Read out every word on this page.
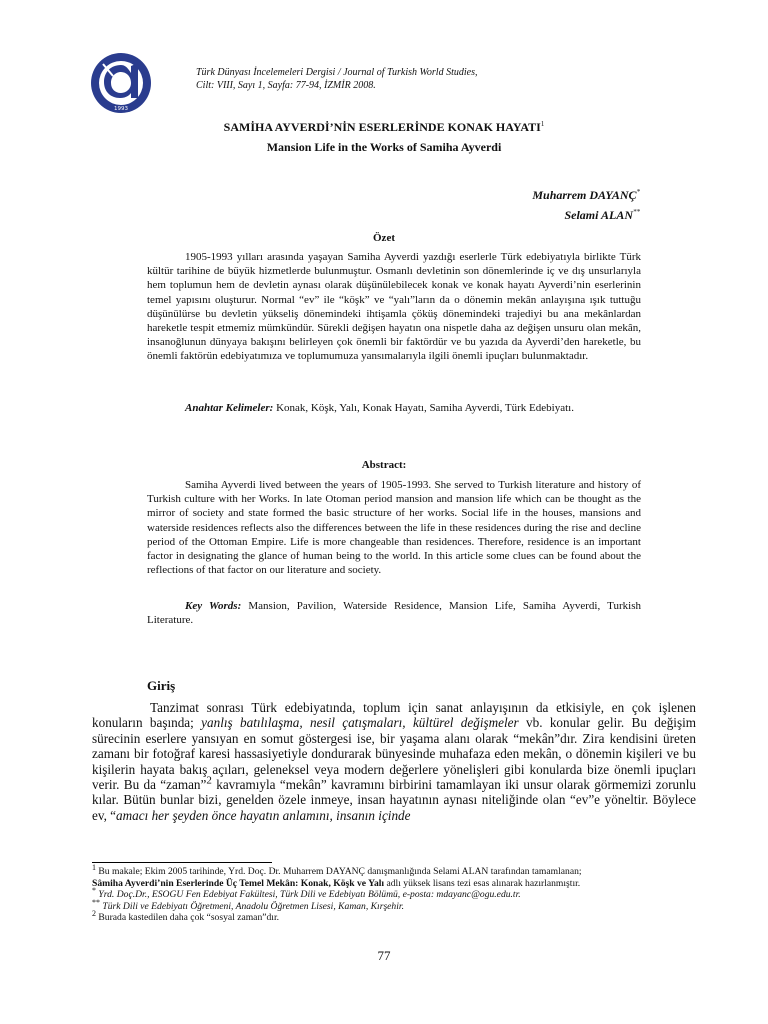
1993
Türk Dünyası İncelemeleri Dergisi / Journal of Turkish World Studies,
Cilt: VIII, Sayı 1, Sayfa: 77-94, İZMİR 2008.
SAMİHA AYVERDİ’NİN ESERLERİNDE KONAK HAYATI$^1$
Mansion Life in the Works of Samiha Ayverdi
Muharrem DAYANÇ*
Selami ALAN**
Özet

1905-1993 yılları arasında yaşayan Samiha Ayverdi yazdığı eserlerle Türk edebiyatıyla birlikte Türk kültür tarihine de büyük hizmetlerde bulunmuştur. Osmanlı devletinin son dönemlerinde iç ve dış unsurlarıyla hem toplumun hem de devletin aynası olarak düşünülebilecek konak ve konak hayatı Ayverdi’nin eserlerinin temel yapısını oluşturur. Normal “ev” ile “köşk” ve “yalı”ların da o dönemin mekân anlayışına ışık tuttuğu düşünülürse bu devletin yükseliş dönemindeki ihtişamla çöküş dönemindeki trajediyi bu ana mekânlardan hareketle tespit etmemiz mümkündür. Sürekli değişen hayatın ona nispetle daha az değişen unsuru olan mekân, insanoğlunun dünyaya bakışını belirleyen çok önemli bir faktördür ve bu yazıda da Ayverdi’den hareketle, bu önemli faktörün edebiyatımıza ve toplumumuza yansımalarıyla ilgili önemli ipuçları bulunmaktadır.

Anahtar Kelimeler: Konak, Köşk, Yalı, Konak Hayatı, Samiha Ayverdi, Türk Edebiyatı.

Abstract:

Samiha Ayverdi lived between the years of 1905-1993. She served to Turkish literature and history of Turkish culture with her Works. In late Otoman period mansion and mansion life which can be thought as the mirror of society and state formed the basic structure of her works. Social life in the houses, mansions and waterside residences reflects also the differences between the life in these residences during the rise and decline period of the Ottoman Empire. Life is more changeable than residences. Therefore, residence is an important factor in designating the glance of human being to the world. In this article some clues can be found about the reflections of that factor on our literature and society.

Key Words: Mansion, Pavilion, Waterside Residence, Mansion Life, Samiha Ayverdi, Turkish Literature.

Giriş

Tanzimat sonrası Türk edebiyatında, toplum için sanat anlayışının da etkisiyle, en çok işlenen konuların başında; yanlış batılılaşma, nesil çatışmaları, kültürel değişmeler vb. konular gelir. Bu değişim sürecinin eserlere yansıyan en somut göstergesi ise, bir yaşama alanı olarak “mekân”dır. Zira kendisini üreten zamanı bir fotoğraf karesi hassasiyetiyle dondurarak bünyesinde muhafaza eden mekân, o dönemin kişileri ve bu kişilerin hayata bakış açıları, geleneksel veya modern değerlere yönelişleri gibi konularda bize önemli ipuçları verir. Bu da “zaman”$^2$ kavramıyla “mekân” kavramını birbirini tamamlayan iki unsur olarak görmemizi zorunlu kılar. Bütün bunlar bizi, genelden özele inmeye, insan hayatının aynası niteliğinde olan “ev”e yöneltir. Böylece ev, “amacı her şeyden önce hayatın anlamını, insanın içinde

$^1$ Bu makale; Ekim 2005 tarihinde, Yrd. Doç. Dr. Muharrem DAYANÇ danışmanlığında Selami ALAN tarafından tamamlanan;
Sâmiha Ayverdi’nin Eserlerinde Üç Temel Mekân: Konak, Köşk ve Yalı adlı yüksek lisans tezi esas alınarak hazırlanmıştır.
* Yrd. Doç.Dr., ESOGU Fen Edebiyat Fakültesi, Türk Dili ve Edebiyatı Bölümü, e-posta: mdayanc@ogu.edu.tr.
** Türk Dili ve Edebiyatı Öğretmeni, Anadolu Öğretmen Lisesi, Kaman, Kırşehir.
$^2$ Burada kastedilen daha çok “sosyal zaman”dır.
77
